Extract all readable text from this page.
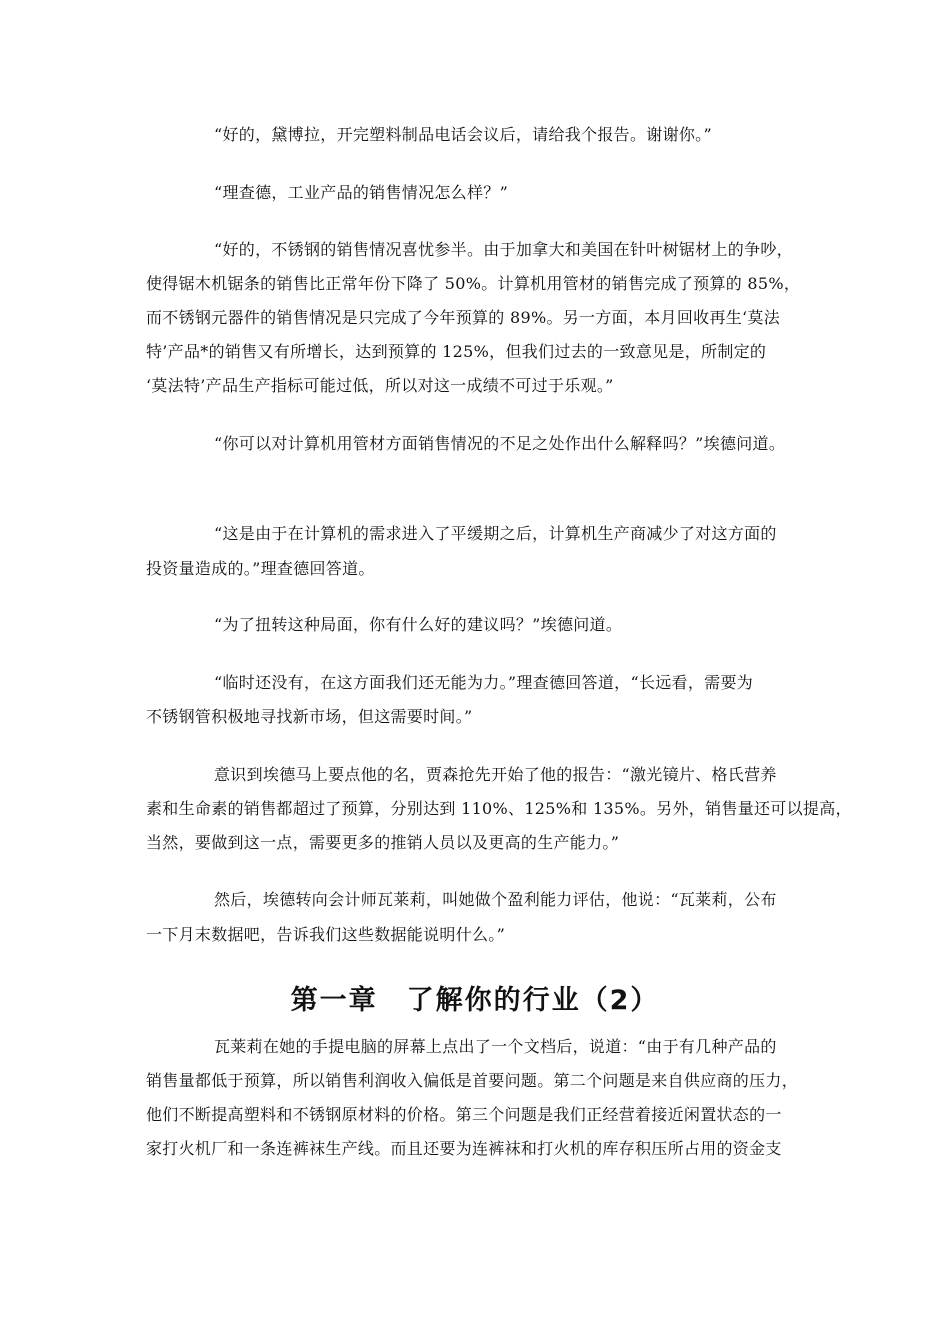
“好的，黛博拉，开完塑料制品电话会议后，请给我个报告。谢谢你。”
“理查德，工业产品的销售情况怎么样？”
“好的，不锈钢的销售情况喜忧参半。由于加拿大和美国在针叶树锯材上的争吵，
使得锯木机锯条的销售比正常年份下降了 50%。计算机用管材的销售完成了预算的 85%，
而不锈钢元器件的销售情况是只完成了今年预算的 89%。另一方面，本月回收再生‘莫法
特’产品*的销售又有所增长，达到预算的 125%，但我们过去的一致意见是，所制定的
‘莫法特’产品生产指标可能过低，所以对这一成绩不可过于乐观。”
“你可以对计算机用管材方面销售情况的不足之处作出什么解释吗？”埃德问道。
“这是由于在计算机的需求进入了平缓期之后，计算机生产商减少了对这方面的
投资量造成的。”理查德回答道。
“为了扭转这种局面，你有什么好的建议吗？”埃德问道。
“临时还没有，在这方面我们还无能为力。”理查德回答道，“长远看，需要为
不锈钢管积极地寻找新市场，但这需要时间。”
意识到埃德马上要点他的名，贾森抢先开始了他的报告：“激光镜片、格氏营养
素和生命素的销售都超过了预算，分别达到 110%、125%和 135%。另外，销售量还可以提高，
当然，要做到这一点，需要更多的推销人员以及更高的生产能力。”
然后，埃德转向会计师瓦莱莉，叫她做个盈利能力评估，他说：“瓦莱莉，公布
一下月末数据吧，告诉我们这些数据能说明什么。”
第一章　了解你的行业（2）
瓦莱莉在她的手提电脑的屏幕上点出了一个文档后，说道：“由于有几种产品的
销售量都低于预算，所以销售利润收入偏低是首要问题。第二个问题是来自供应商的压力，
他们不断提高塑料和不锈钢原材料的价格。第三个问题是我们正经营着接近闲置状态的一
家打火机厂和一条连裤袜生产线。而且还要为连裤袜和打火机的库存积压所占用的资金支
